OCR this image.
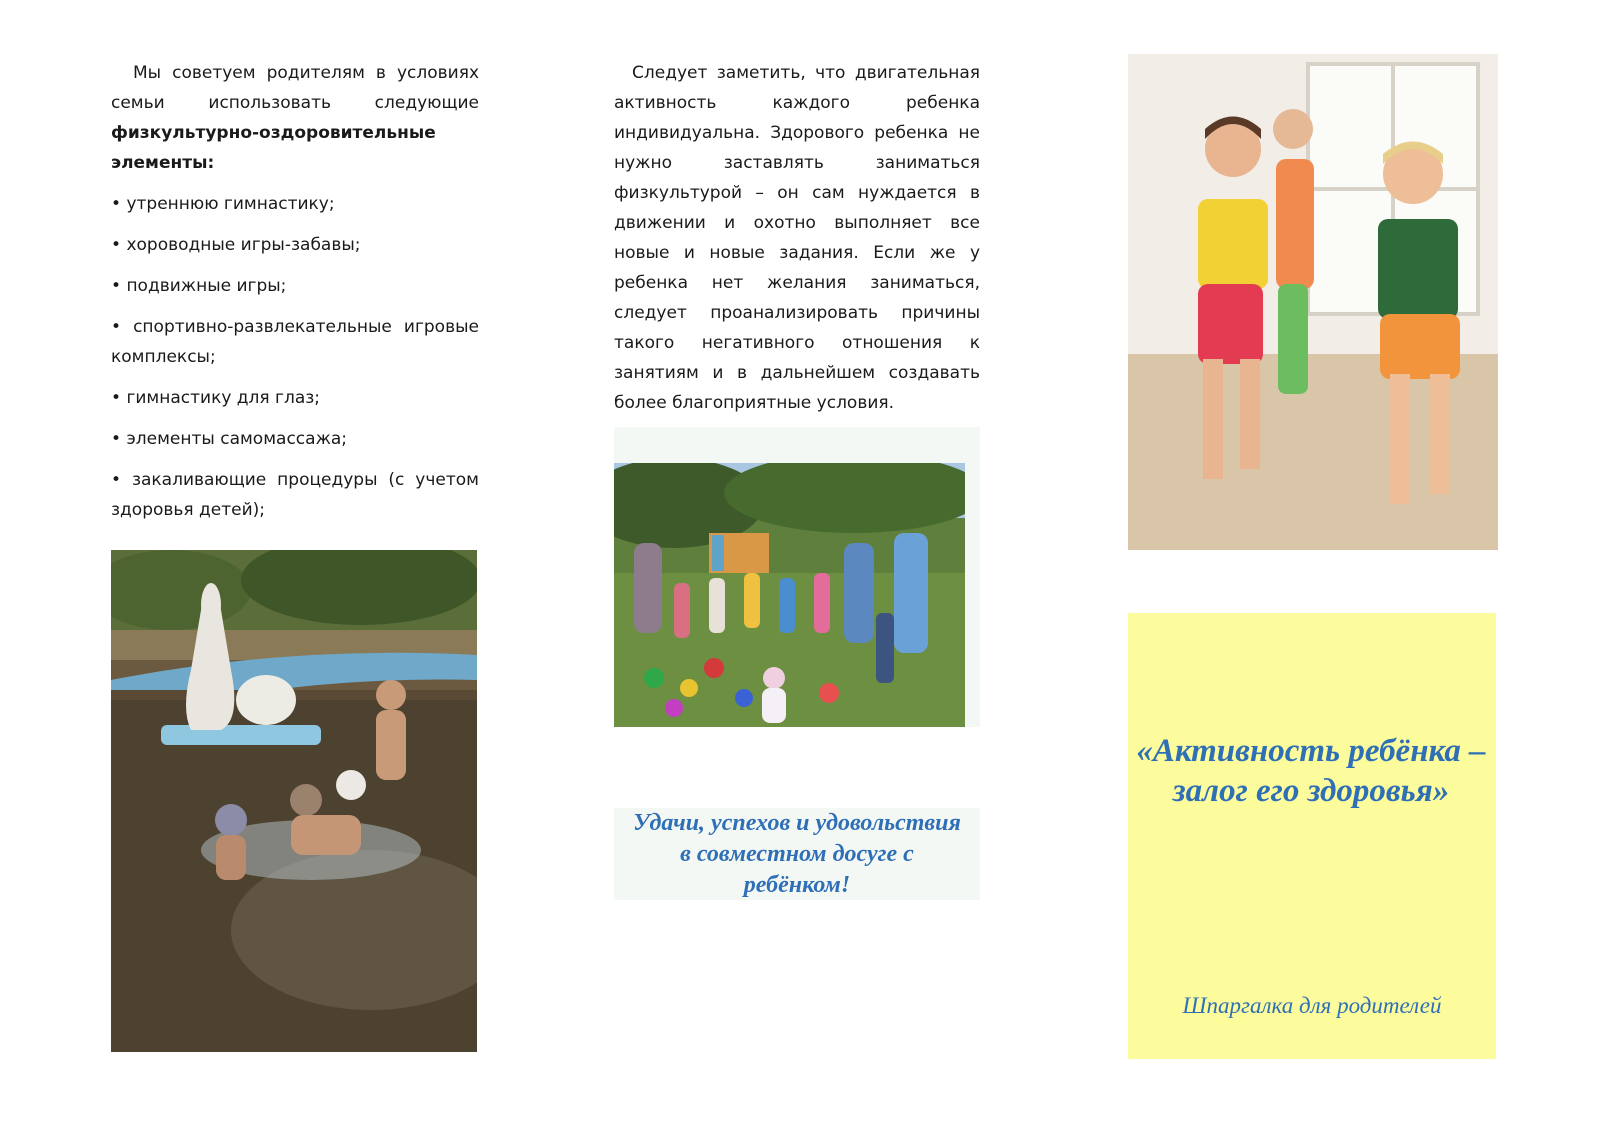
Мы советуем родителям в условиях семьи использовать следующие физкультурно-оздоровительные элементы:

• утреннюю гимнастику;
• хороводные игры-забавы;
• подвижные игры;
• спортивно-развлекательные игровые комплексы;
• гимнастику для глаз;
• элементы самомассажа;
• закаливающие процедуры (с учетом здоровья детей);

Следует заметить, что двигательная активность каждого ребенка индивидуальна. Здорового ребенка не нужно заставлять заниматься физкультурой – он сам нуждается в движении и охотно выполняет все новые и новые задания. Если же у ребенка нет желания заниматься, следует проанализировать причины такого негативного отношения к занятиям и в дальнейшем создавать более благоприятные условия.

Удачи, успехов и удовольствия в совместном досуге с ребёнком!
«Активность ребёнка – залог его здоровья»
Шпаргалка для родителей
